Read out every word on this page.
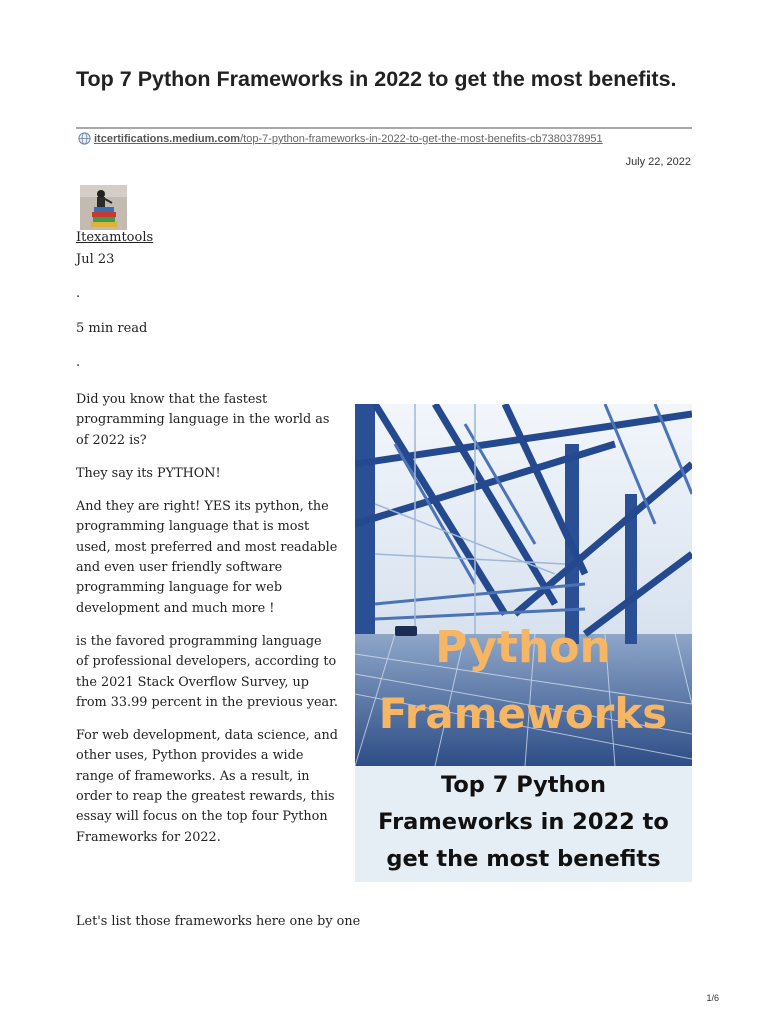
Top 7 Python Frameworks in 2022 to get the most benefits.
itcertifications.medium.com/top-7-python-frameworks-in-2022-to-get-the-most-benefits-cb7380378951
July 22, 2022
Itexamtools
Jul 23
.
5 min read
.

Did you know that the fastest programming language in the world as of 2022 is?

They say its PYTHON!

And they are right! YES its python, the programming language that is most used, most preferred and most readable and even user friendly software programming language for web development and much more !

is the favored programming language of professional developers, according to the 2021 Stack Overflow Survey, up from 33.99 percent in the previous year.

For web development, data science, and other uses, Python provides a wide range of frameworks. As a result, in order to reap the greatest rewards, this essay will focus on the top four Python Frameworks for 2022.

Let's list those frameworks here one by one
Python
Frameworks
Top 7 Python
Frameworks in 2022 to
get the most benefits
1/6
